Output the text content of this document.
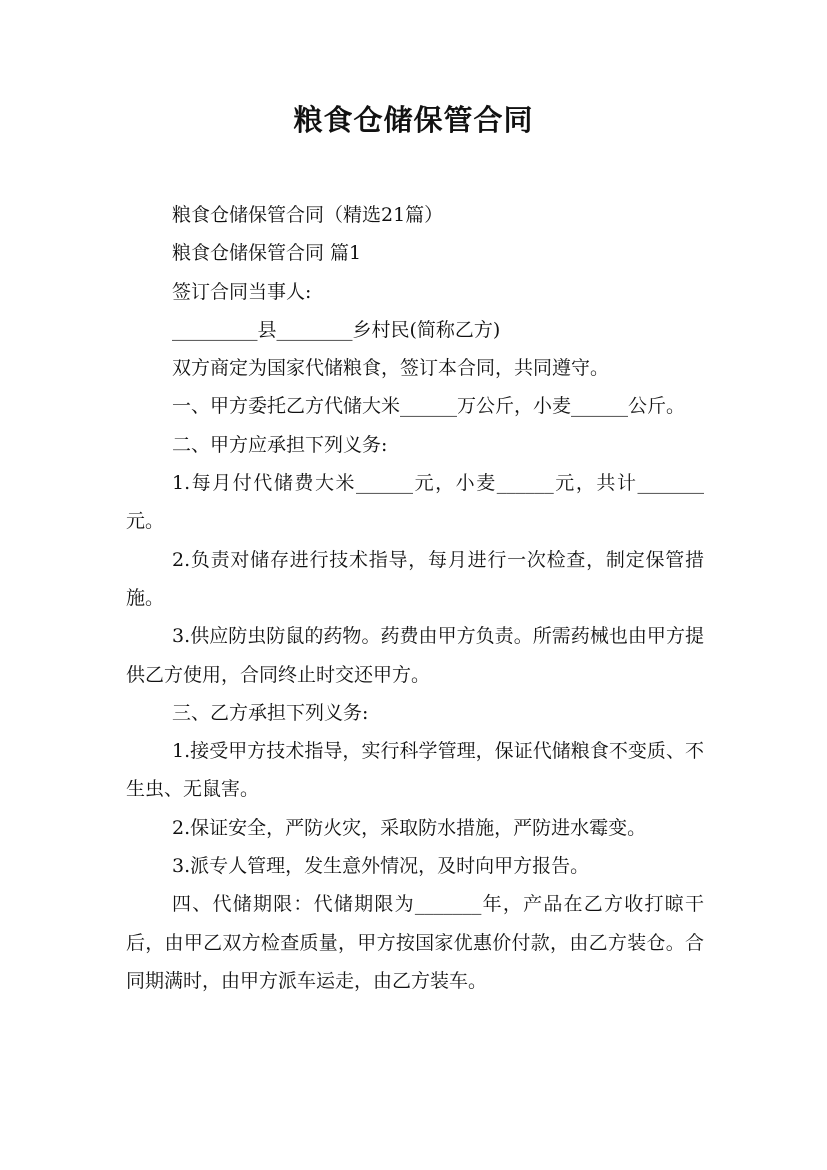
粮食仓储保管合同

粮食仓储保管合同（精选21篇）

粮食仓储保管合同 篇1

签订合同当事人:

_________县________乡村民(简称乙方)

双方商定为国家代储粮食，签订本合同，共同遵守。

一、甲方委托乙方代储大米______万公斤，小麦______公斤。

二、甲方应承担下列义务:

1.每月付代储费大米______元，小麦______元，共计_______元。

2.负责对储存进行技术指导，每月进行一次检查，制定保管措施。

3.供应防虫防鼠的药物。药费由甲方负责。所需药械也由甲方提供乙方使用，合同终止时交还甲方。

三、乙方承担下列义务:

1.接受甲方技术指导，实行科学管理，保证代储粮食不变质、不生虫、无鼠害。

2.保证安全，严防火灾，采取防水措施，严防进水霉变。

3.派专人管理，发生意外情况，及时向甲方报告。

四、代储期限：代储期限为_______年，产品在乙方收打晾干后，由甲乙双方检查质量，甲方按国家优惠价付款，由乙方装仓。合同期满时，由甲方派车运走，由乙方装车。
